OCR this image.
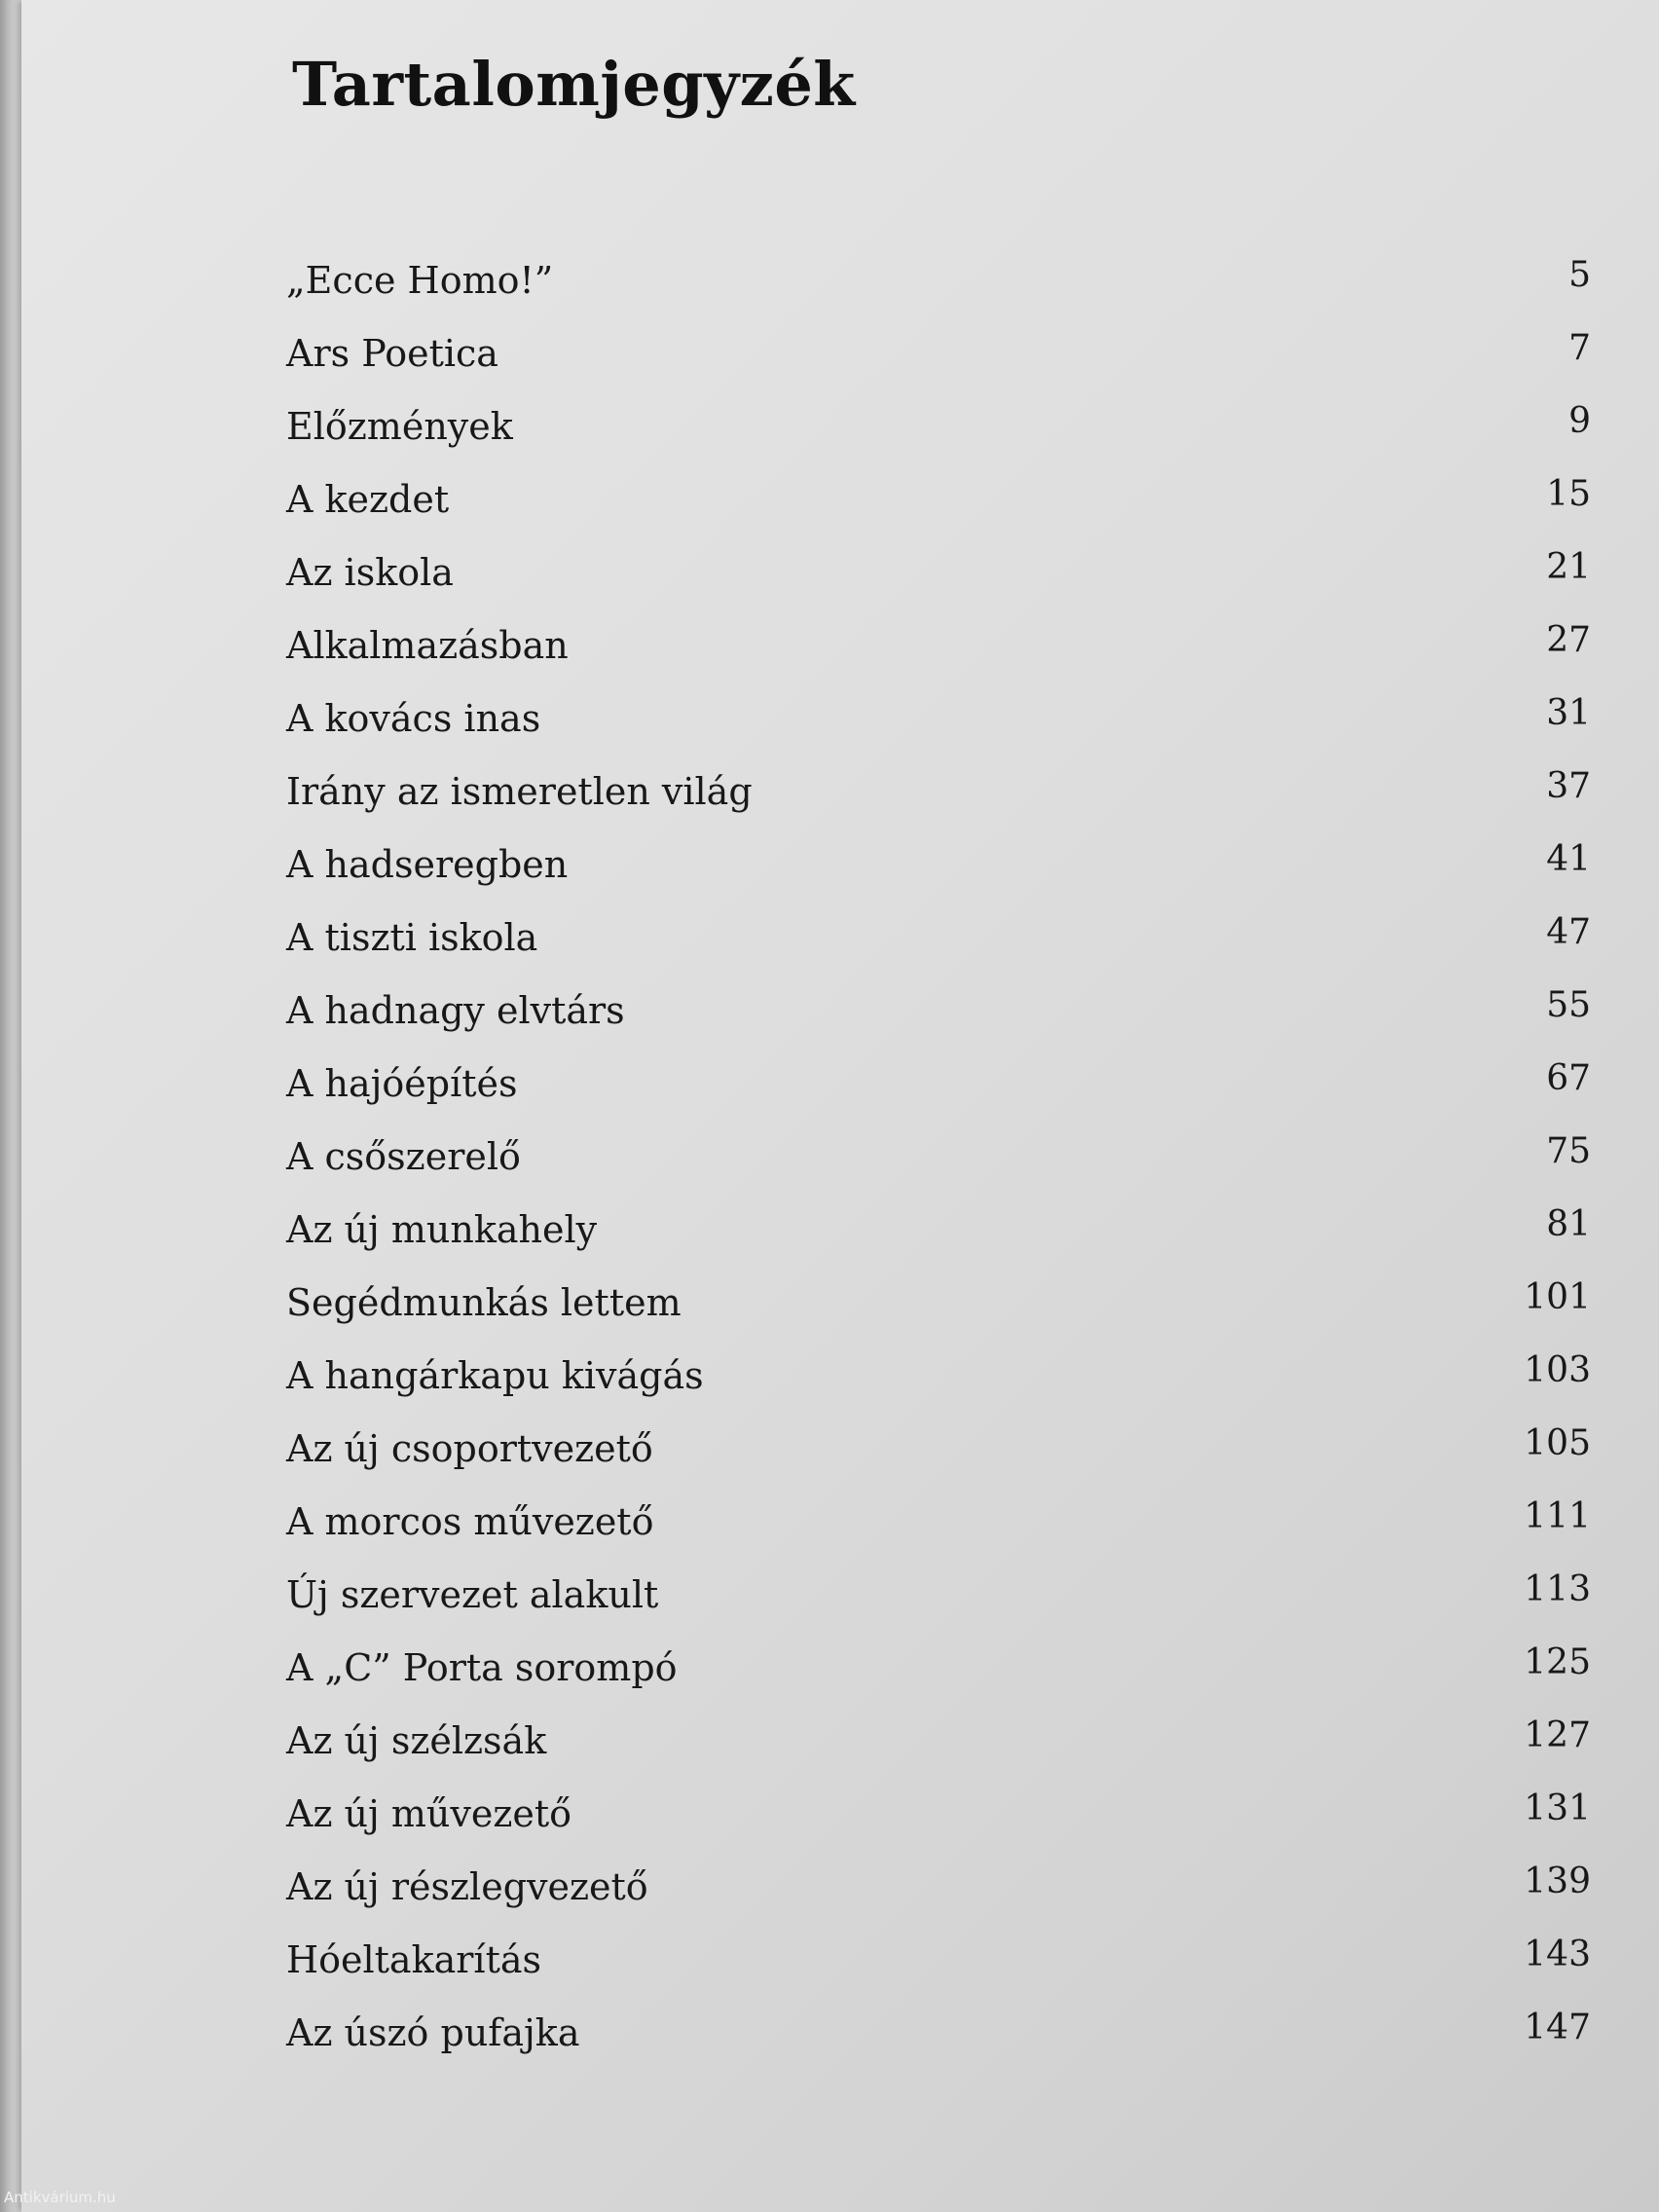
Tartalomjegyzék
„Ecce Homo!”	5
Ars Poetica	7
Előzmények	9
A kezdet	15
Az iskola	21
Alkalmazásban	27
A kovács inas	31
Irány az ismeretlen világ	37
A hadseregben	41
A tiszti iskola	47
A hadnagy elvtárs	55
A hajóépítés	67
A csőszerelő	75
Az új munkahely	81
Segédmunkás lettem	101
A hangárkapu kivágás	103
Az új csoportvezető	105
A morcos művezető	111
Új szervezet alakult	113
A „C” Porta sorompó	125
Az új szélzsák	127
Az új művezető	131
Az új részlegvezető	139
Hóeltakarítás	143
Az úszó pufajka	147
Antikvárium.hu
